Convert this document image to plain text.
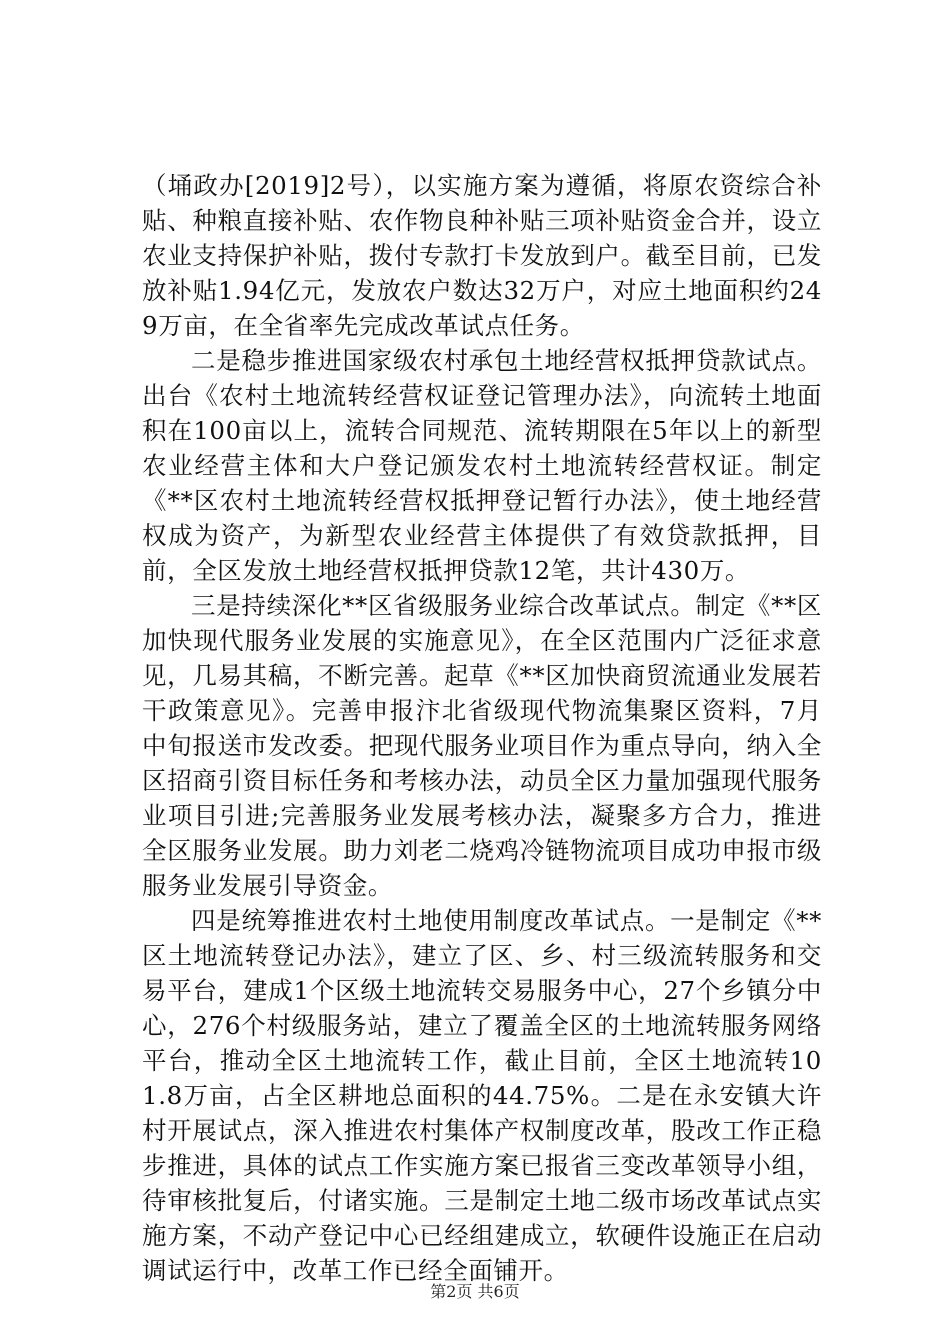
（埇政办[2019]2号），以实施方案为遵循，将原农资综合补贴、种粮直接补贴、农作物良种补贴三项补贴资金合并，设立农业支持保护补贴，拨付专款打卡发放到户。截至目前，已发放补贴1.94亿元，发放农户数达32万户，对应土地面积约249万亩，在全省率先完成改革试点任务。

二是稳步推进国家级农村承包土地经营权抵押贷款试点。出台《农村土地流转经营权证登记管理办法》，向流转土地面积在100亩以上，流转合同规范、流转期限在5年以上的新型农业经营主体和大户登记颁发农村土地流转经营权证。制定《**区农村土地流转经营权抵押登记暂行办法》，使土地经营权成为资产，为新型农业经营主体提供了有效贷款抵押，目前，全区发放土地经营权抵押贷款12笔，共计430万。

三是持续深化**区省级服务业综合改革试点。制定《**区加快现代服务业发展的实施意见》，在全区范围内广泛征求意见，几易其稿，不断完善。起草《**区加快商贸流通业发展若干政策意见》。完善申报汴北省级现代物流集聚区资料，7月中旬报送市发改委。把现代服务业项目作为重点导向，纳入全区招商引资目标任务和考核办法，动员全区力量加强现代服务业项目引进;完善服务业发展考核办法，凝聚多方合力，推进全区服务业发展。助力刘老二烧鸡冷链物流项目成功申报市级服务业发展引导资金。

四是统筹推进农村土地使用制度改革试点。一是制定《**区土地流转登记办法》，建立了区、乡、村三级流转服务和交易平台，建成1个区级土地流转交易服务中心，27个乡镇分中心，276个村级服务站，建立了覆盖全区的土地流转服务网络平台，推动全区土地流转工作，截止目前，全区土地流转101.8万亩，占全区耕地总面积的44.75%。二是在永安镇大许村开展试点，深入推进农村集体产权制度改革，股改工作正稳步推进，具体的试点工作实施方案已报省三变改革领导小组，待审核批复后，付诸实施。三是制定土地二级市场改革试点实施方案，不动产登记中心已经组建成立，软硬件设施正在启动调试运行中，改革工作已经全面铺开。

第2页 共6页
